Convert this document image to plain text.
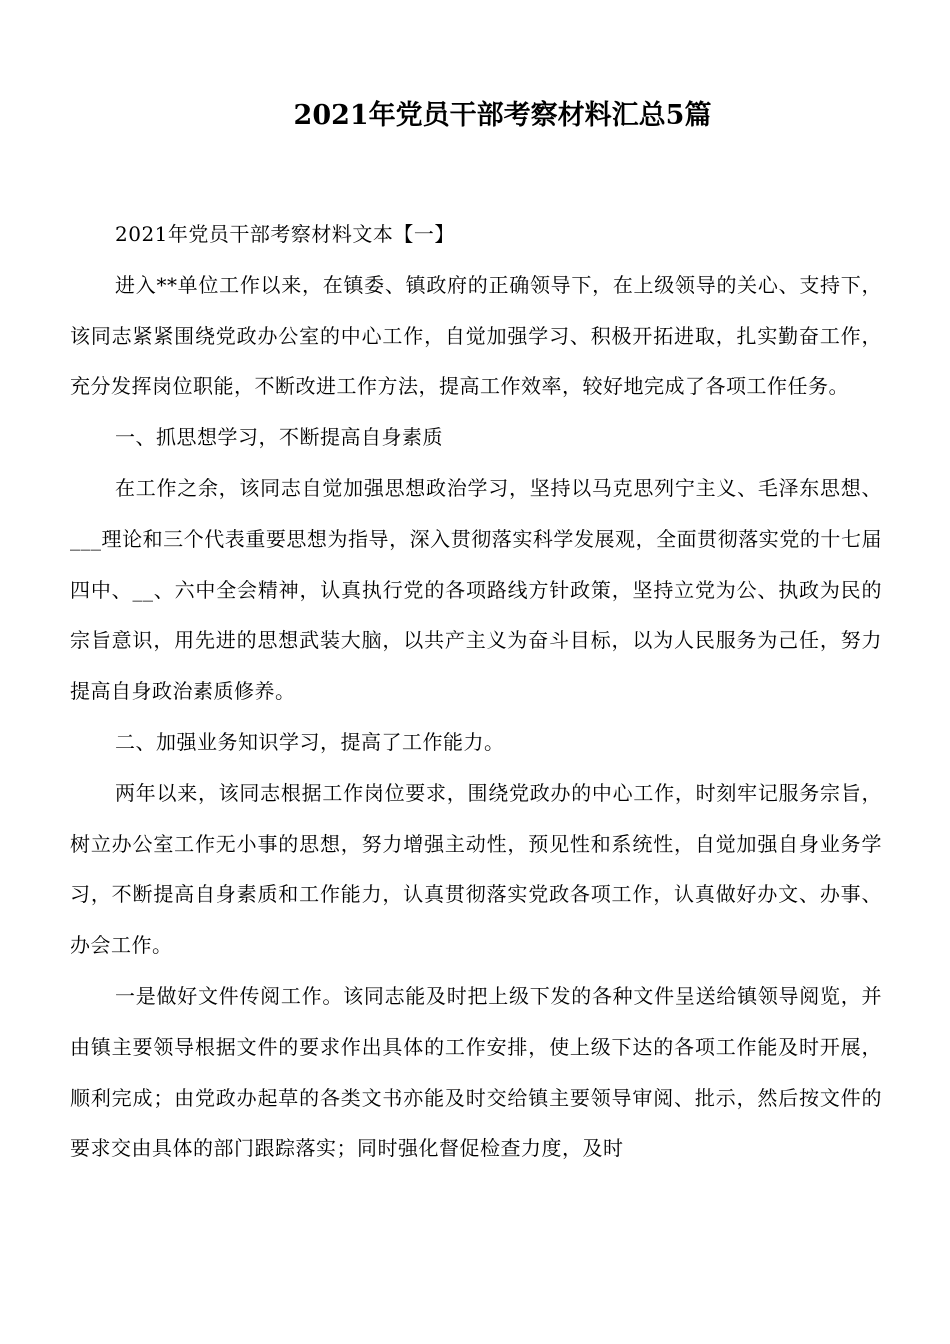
2021年党员干部考察材料汇总5篇

2021年党员干部考察材料文本【一】

进入**单位工作以来，在镇委、镇政府的正确领导下，在上级领导的关心、支持下，该同志紧紧围绕党政办公室的中心工作，自觉加强学习、积极开拓进取，扎实勤奋工作，充分发挥岗位职能，不断改进工作方法，提高工作效率，较好地完成了各项工作任务。

一、抓思想学习，不断提高自身素质

在工作之余，该同志自觉加强思想政治学习，坚持以马克思列宁主义、毛泽东思想、___理论和三个代表重要思想为指导，深入贯彻落实科学发展观，全面贯彻落实党的十七届四中、__、六中全会精神，认真执行党的各项路线方针政策，坚持立党为公、执政为民的宗旨意识，用先进的思想武装大脑，以共产主义为奋斗目标，以为人民服务为己任，努力提高自身政治素质修养。

二、加强业务知识学习，提高了工作能力。

两年以来，该同志根据工作岗位要求，围绕党政办的中心工作，时刻牢记服务宗旨，树立办公室工作无小事的思想，努力增强主动性，预见性和系统性，自觉加强自身业务学习，不断提高自身素质和工作能力，认真贯彻落实党政各项工作，认真做好办文、办事、办会工作。

一是做好文件传阅工作。该同志能及时把上级下发的各种文件呈送给镇领导阅览，并由镇主要领导根据文件的要求作出具体的工作安排，使上级下达的各项工作能及时开展，顺利完成；由党政办起草的各类文书亦能及时交给镇主要领导审阅、批示，然后按文件的要求交由具体的部门跟踪落实；同时强化督促检查力度，及时
